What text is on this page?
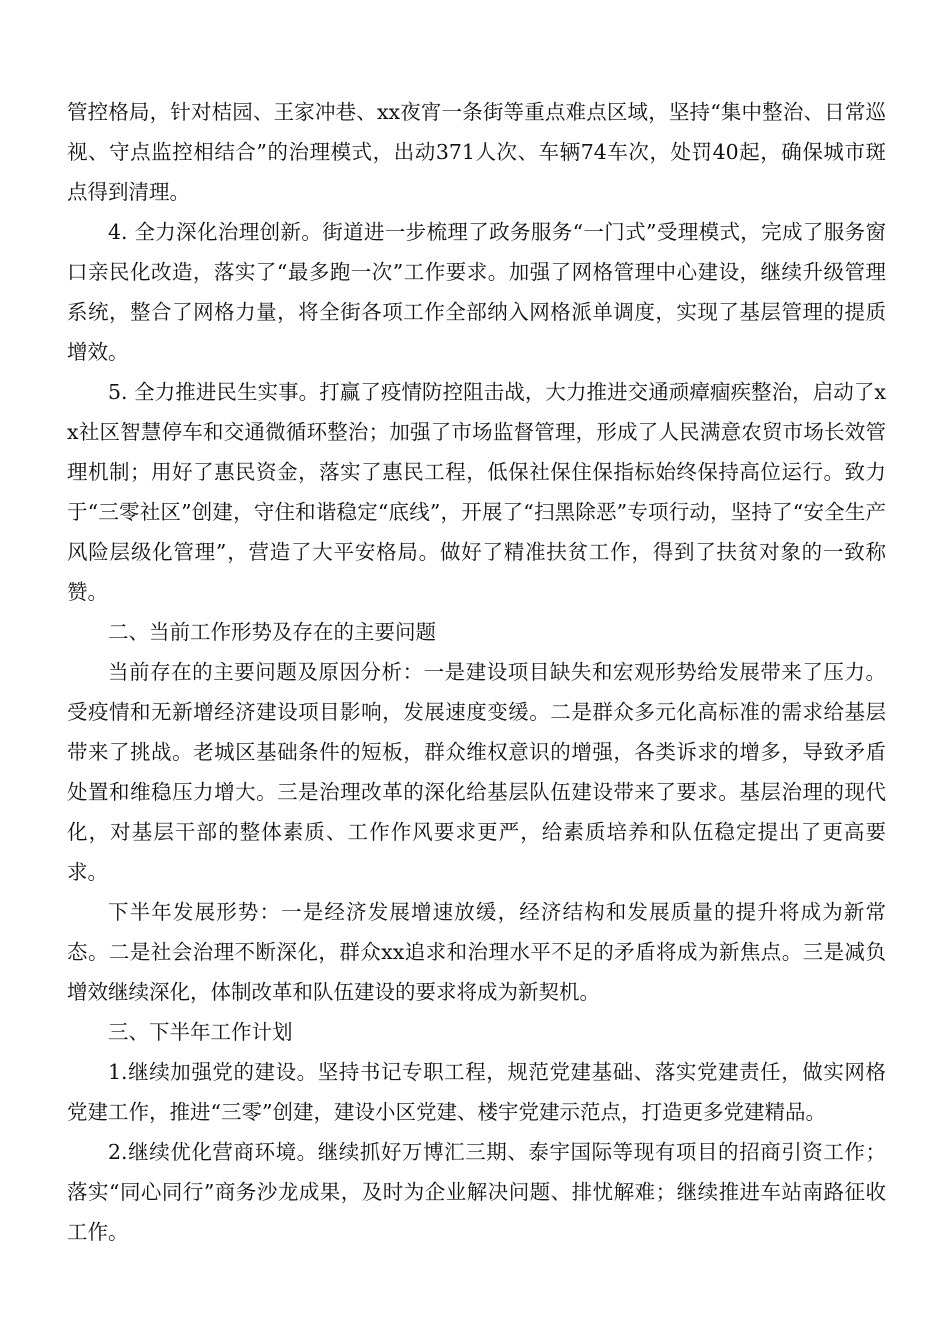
管控格局，针对桔园、王家冲巷、xx夜宵一条街等重点难点区域，坚持“集中整治、日常巡视、守点监控相结合”的治理模式，出动371人次、车辆74车次，处罚40起，确保城市斑点得到清理。

4. 全力深化治理创新。街道进一步梳理了政务服务“一门式”受理模式，完成了服务窗口亲民化改造，落实了“最多跑一次”工作要求。加强了网格管理中心建设，继续升级管理系统，整合了网格力量，将全街各项工作全部纳入网格派单调度，实现了基层管理的提质增效。

5. 全力推进民生实事。打赢了疫情防控阻击战，大力推进交通顽瘴痼疾整治，启动了xx社区智慧停车和交通微循环整治；加强了市场监督管理，形成了人民满意农贸市场长效管理机制；用好了惠民资金，落实了惠民工程，低保社保住保指标始终保持高位运行。致力于“三零社区”创建，守住和谐稳定“底线”，开展了“扫黑除恶”专项行动，坚持了“安全生产风险层级化管理”，营造了大平安格局。做好了精准扶贫工作，得到了扶贫对象的一致称赞。

二、当前工作形势及存在的主要问题

当前存在的主要问题及原因分析：一是建设项目缺失和宏观形势给发展带来了压力。受疫情和无新增经济建设项目影响，发展速度变缓。二是群众多元化高标准的需求给基层带来了挑战。老城区基础条件的短板，群众维权意识的增强，各类诉求的增多，导致矛盾处置和维稳压力增大。三是治理改革的深化给基层队伍建设带来了要求。基层治理的现代化，对基层干部的整体素质、工作作风要求更严，给素质培养和队伍稳定提出了更高要求。

下半年发展形势：一是经济发展增速放缓，经济结构和发展质量的提升将成为新常态。二是社会治理不断深化，群众xx追求和治理水平不足的矛盾将成为新焦点。三是减负增效继续深化，体制改革和队伍建设的要求将成为新契机。

三、下半年工作计划

1.继续加强党的建设。坚持书记专职工程，规范党建基础、落实党建责任，做实网格党建工作，推进“三零”创建，建设小区党建、楼宇党建示范点，打造更多党建精品。

2.继续优化营商环境。继续抓好万博汇三期、泰宇国际等现有项目的招商引资工作；落实“同心同行”商务沙龙成果，及时为企业解决问题、排忧解难；继续推进车站南路征收工作。
